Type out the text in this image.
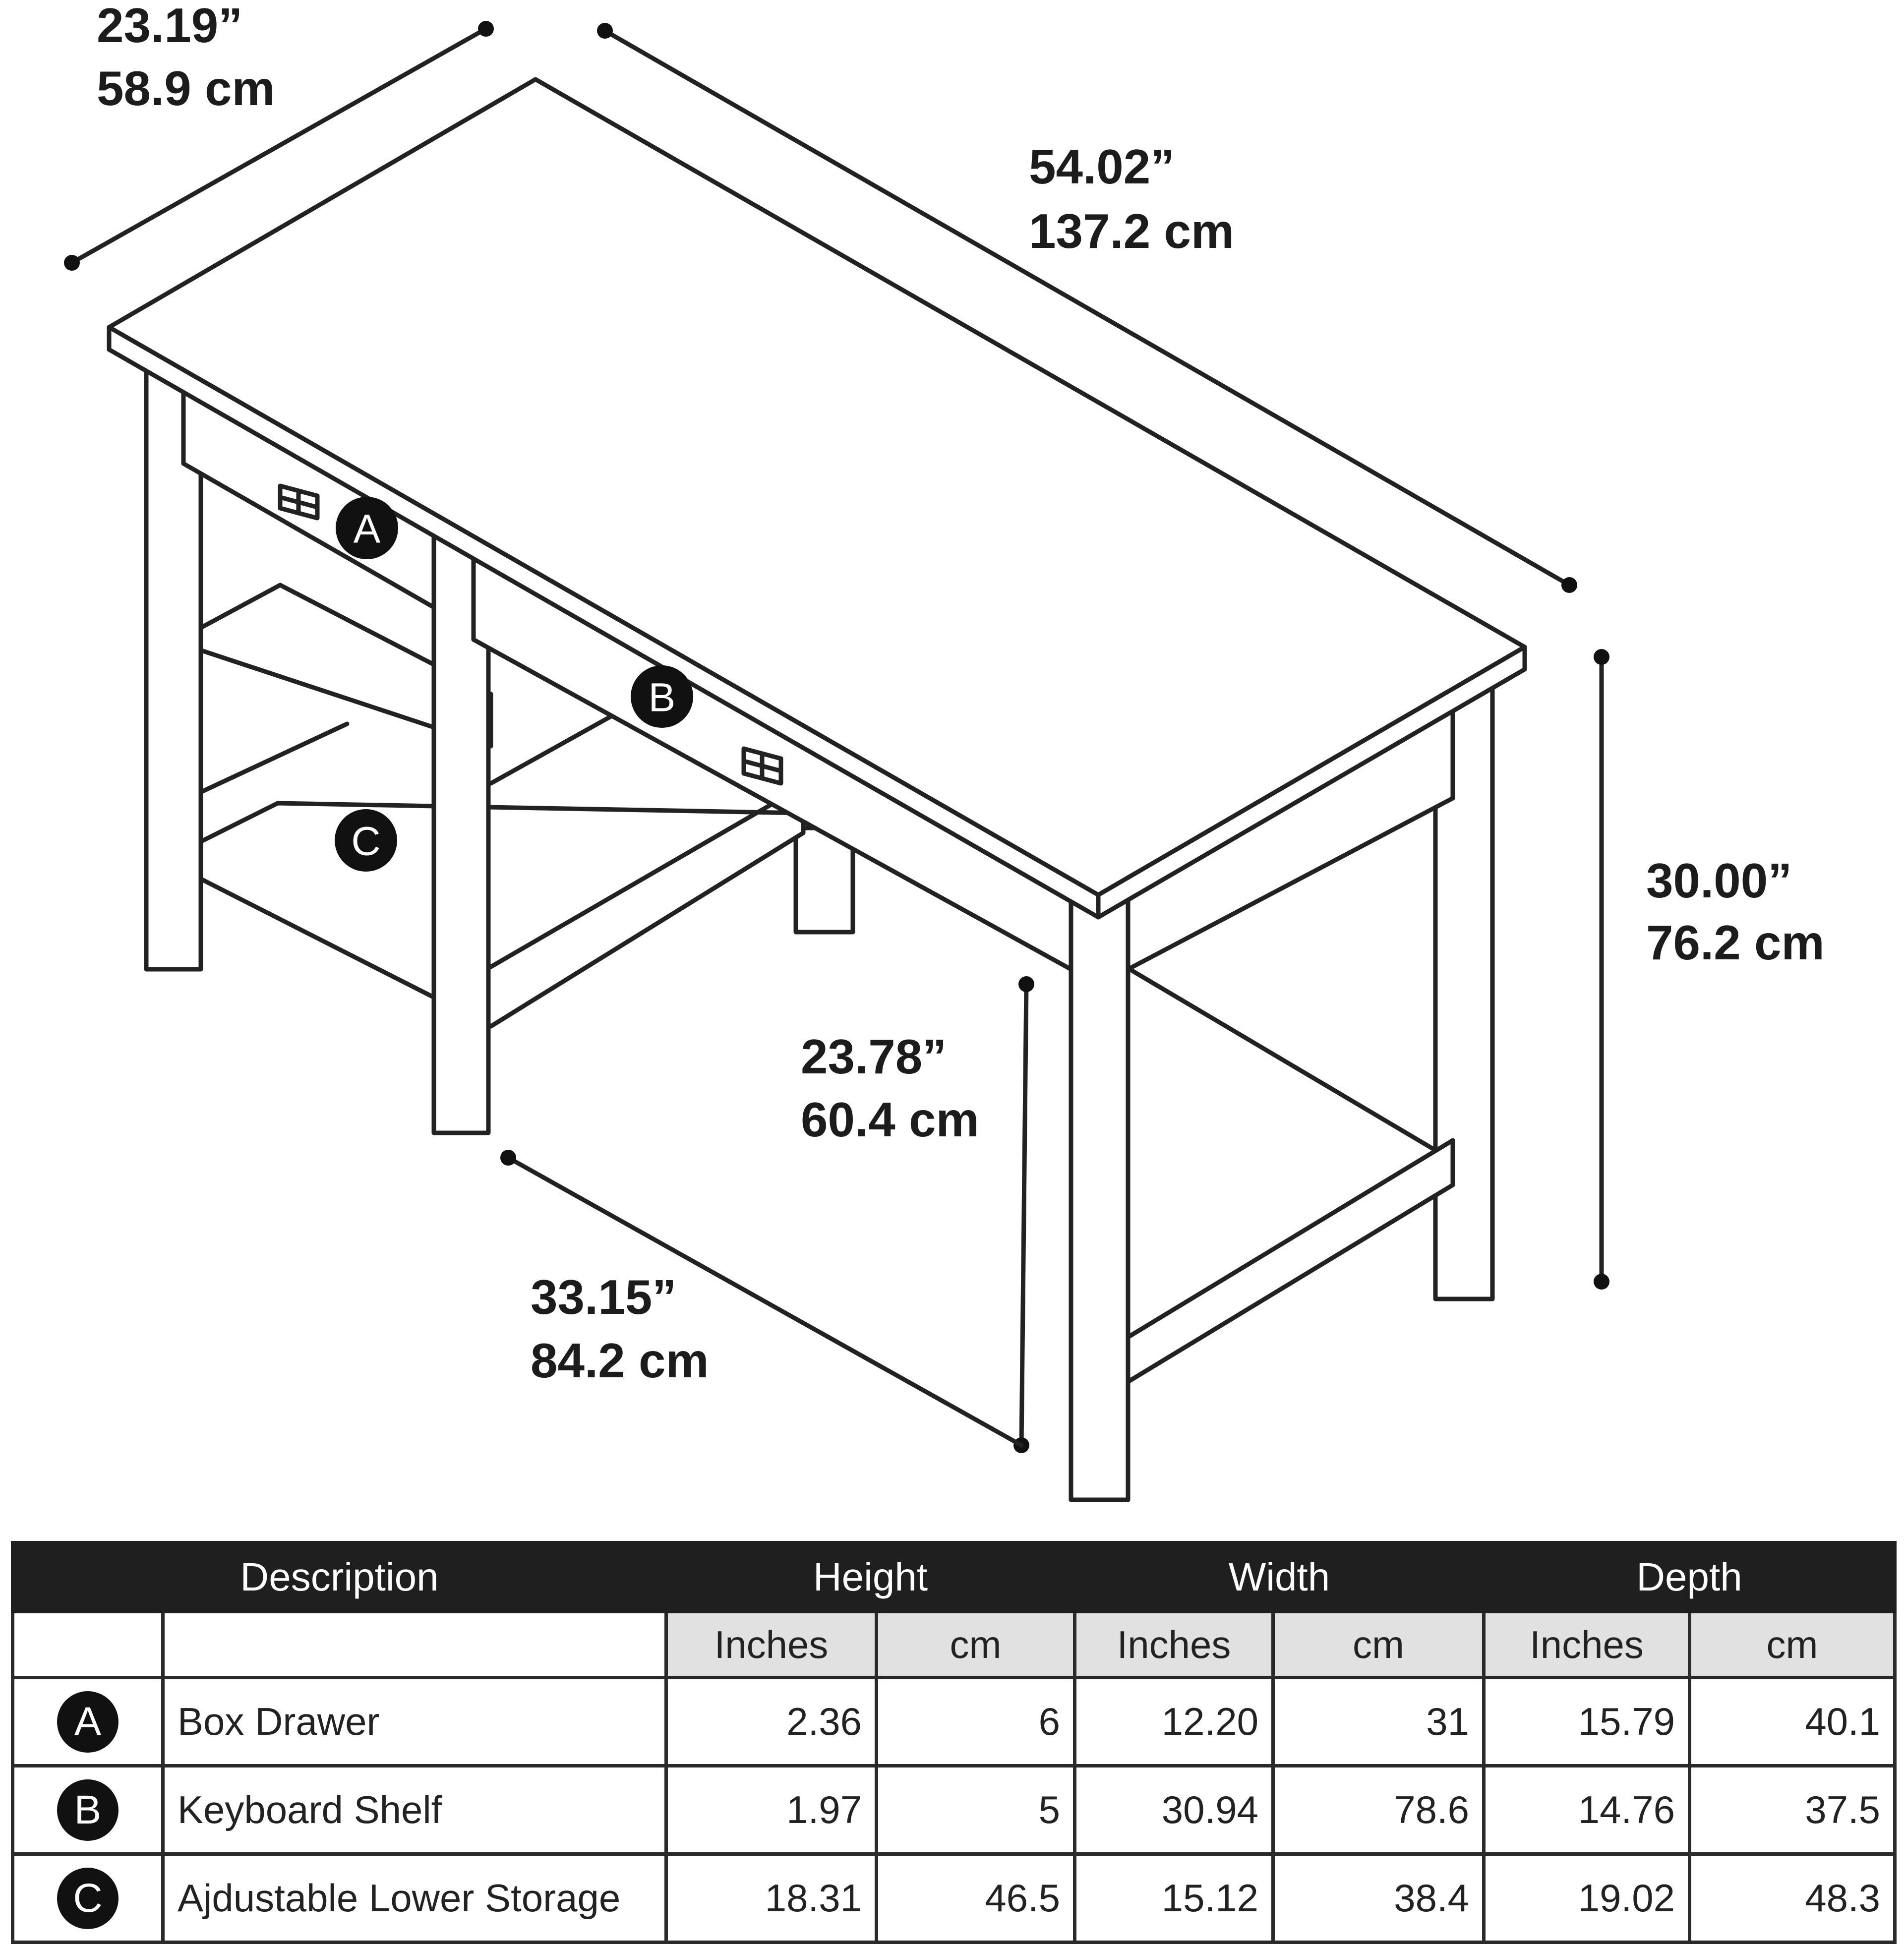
23.19”
58.9 cm
54.02”
137.2 cm
30.00”
76.2 cm
23.78”
60.4 cm
33.15”
84.2 cm
A
B
C
Description		Height		Width		Depth	
		Inches	cm	Inches	cm	Inches	cm
A	Box Drawer	2.36	6	12.20	31	15.79	40.1
B	Keyboard Shelf	1.97	5	30.94	78.6	14.76	37.5
C	Ajdustable Lower Storage	18.31	46.5	15.12	38.4	19.02	48.3
